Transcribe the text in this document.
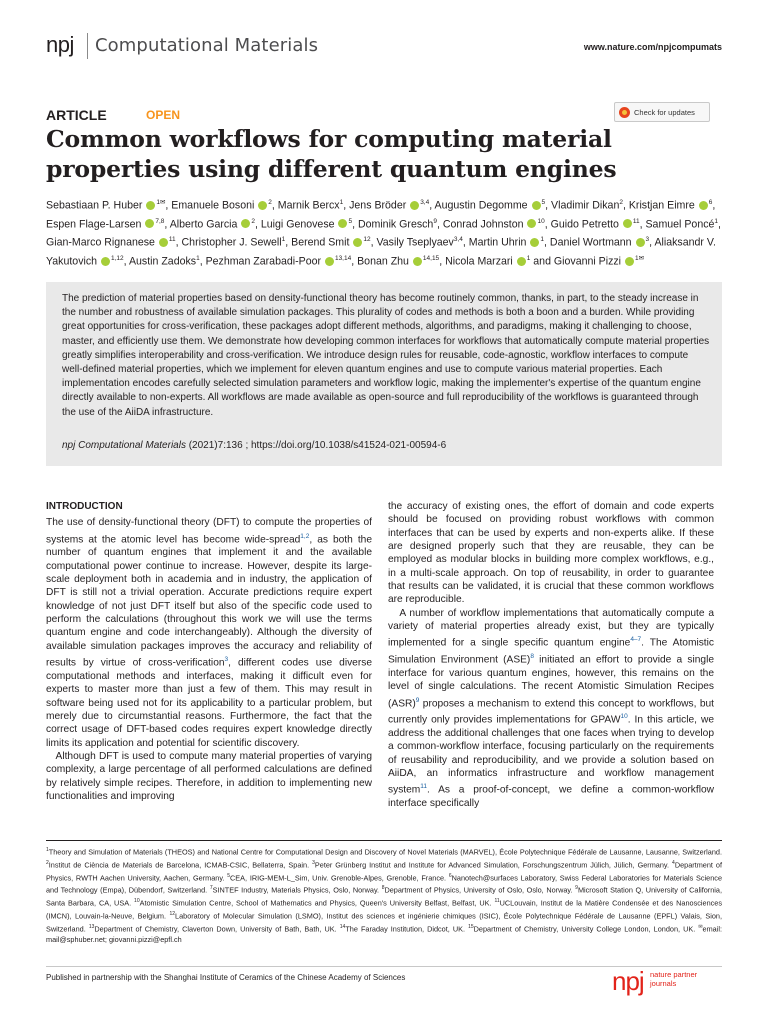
npj Computational Materials	www.nature.com/npjcompumats
ARTICLE	OPEN	Check for updates
Common workflows for computing material properties using different quantum engines
Sebastiaan P. Huber $^{1✉}$, Emanuele Bosoni $^2$, Marnik Bercx$^1$, Jens Bröder $^{3,4}$, Augustin Degomme $^5$, Vladimir Dikan$^2$, Kristjan Eimre $^6$, Espen Flage-Larsen $^{7,8}$, Alberto Garcia $^2$, Luigi Genovese $^5$, Dominik Gresch$^9$, Conrad Johnston $^{10}$, Guido Petretto $^{11}$, Samuel Poncé$^1$, Gian-Marco Rignanese $^{11}$, Christopher J. Sewell$^1$, Berend Smit $^{12}$, Vasily Tseplyaev$^{3,4}$, Martin Uhrin $^1$, Daniel Wortmann $^3$, Aliaksandr V. Yakutovich $^{1,12}$, Austin Zadoks$^1$, Pezhman Zarabadi-Poor $^{13,14}$, Bonan Zhu $^{14,15}$, Nicola Marzari $^1$ and Giovanni Pizzi $^{1✉}$

The prediction of material properties based on density-functional theory has become routinely common, thanks, in part, to the steady increase in the number and robustness of available simulation packages. This plurality of codes and methods is both a boon and a burden. While providing great opportunities for cross-verification, these packages adopt different methods, algorithms, and paradigms, making it challenging to choose, master, and efficiently use them. We demonstrate how developing common interfaces for workflows that automatically compute material properties greatly simplifies interoperability and cross-verification. We introduce design rules for reusable, code-agnostic, workflow interfaces to compute well-defined material properties, which we implement for eleven quantum engines and use to compute various material properties. Each implementation encodes carefully selected simulation parameters and workflow logic, making the implementer's expertise of the quantum engine directly available to non-experts. All workflows are made available as open-source and full reproducibility of the workflows is guaranteed through the use of the AiiDA infrastructure.

npj Computational Materials (2021)7:136 ; https://doi.org/10.1038/s41524-021-00594-6

INTRODUCTION

The use of density-functional theory (DFT) to compute the properties of systems at the atomic level has become wide-spread$^{1,2}$, as both the number of quantum engines that implement it and the available computational power continue to increase. However, despite its large-scale deployment both in academia and in industry, the application of DFT is still not a trivial operation. Accurate predictions require expert knowledge of not just DFT itself but also of the specific code used to perform the calculations (throughout this work we will use the terms quantum engine and code interchangeably). Although the diversity of available simulation packages improves the accuracy and reliability of results by virtue of cross-verification$^3$, different codes use diverse computational methods and interfaces, making it difficult even for experts to master more than just a few of them. This may result in software being used not for its applicability to a particular problem, but merely due to circumstantial reasons. Furthermore, the fact that the correct usage of DFT-based codes requires expert knowledge directly limits its application and potential for scientific discovery.

Although DFT is used to compute many material properties of varying complexity, a large percentage of all performed calculations are defined by relatively simple recipes. Therefore, in addition to implementing new functionalities and improving

the accuracy of existing ones, the effort of domain and code experts should be focused on providing robust workflows with common interfaces that can be used by experts and non-experts alike. If these are designed properly such that they are reusable, they can be employed as modular blocks in building more complex workflows, e.g., in a multi-scale approach. On top of reusability, in order to guarantee that results can be validated, it is crucial that these common workflows are reproducible.

A number of workflow implementations that automatically compute a variety of material properties already exist, but they are typically implemented for a single specific quantum engine$^{4-7}$. The Atomistic Simulation Environment (ASE)$^8$ initiated an effort to provide a single interface for various quantum engines, however, this remains on the level of single calculations. The recent Atomistic Simulation Recipes (ASR)$^9$ proposes a mechanism to extend this concept to workflows, but currently only provides implementations for GPAW$^{10}$. In this article, we address the additional challenges that one faces when trying to develop a common-workflow interface, focusing particularly on the requirements of reusability and reproducibility, and we provide a solution based on AiiDA, an informatics infrastructure and workflow management system$^{11}$. As a proof-of-concept, we define a common-workflow interface specifically

$^1$Theory and Simulation of Materials (THEOS) and National Centre for Computational Design and Discovery of Novel Materials (MARVEL), École Polytechnique Fédérale de Lausanne, Lausanne, Switzerland. $^2$Institut de Ciència de Materials de Barcelona, ICMAB-CSIC, Bellaterra, Spain. $^3$Peter Grünberg Institut and Institute for Advanced Simulation, Forschungszentrum Jülich, Jülich, Germany. $^4$Department of Physics, RWTH Aachen University, Aachen, Germany. $^5$CEA, IRIG-MEM-L_Sim, Univ. Grenoble-Alpes, Grenoble, France. $^6$Nanotech@surfaces Laboratory, Swiss Federal Laboratories for Materials Science and Technology (Empa), Dübendorf, Switzerland. $^7$SINTEF Industry, Materials Physics, Oslo, Norway. $^8$Department of Physics, University of Oslo, Oslo, Norway. $^9$Microsoft Station Q, University of California, Santa Barbara, CA, USA. $^{10}$Atomistic Simulation Centre, School of Mathematics and Physics, Queen's University Belfast, Belfast, UK. $^{11}$UCLouvain, Institut de la Matière Condensée et des Nanosciences (IMCN), Louvain-la-Neuve, Belgium. $^{12}$Laboratory of Molecular Simulation (LSMO), Institut des sciences et ingénierie chimiques (ISIC), École Polytechnique Fédérale de Lausanne (EPFL) Valais, Sion, Switzerland. $^{13}$Department of Chemistry, Claverton Down, University of Bath, Bath, UK. $^{14}$The Faraday Institution, Didcot, UK. $^{15}$Department of Chemistry, University College London, London, UK. ✉email: mail@sphuber.net; giovanni.pizzi@epfl.ch
Published in partnership with the Shanghai Institute of Ceramics of the Chinese Academy of Sciences	npj nature partner
journals
